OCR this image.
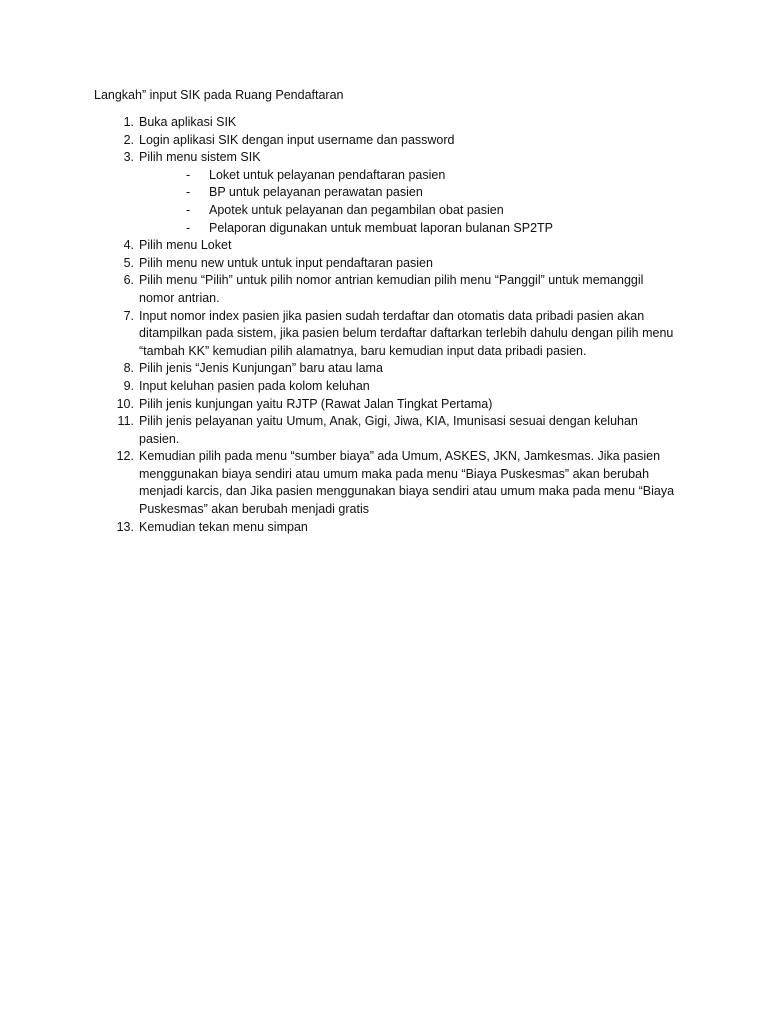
Langkah” input SIK pada Ruang Pendaftaran
1. Buka aplikasi SIK
2. Login aplikasi SIK dengan input username dan password
3. Pilih menu sistem SIK
- Loket untuk pelayanan pendaftaran pasien
- BP untuk pelayanan perawatan pasien
- Apotek untuk pelayanan dan pegambilan obat pasien
- Pelaporan digunakan untuk membuat laporan bulanan SP2TP
4. Pilih menu Loket
5. Pilih menu new untuk untuk input pendaftaran pasien
6. Pilih menu “Pilih” untuk pilih nomor antrian kemudian pilih menu “Panggil” untuk memanggil nomor antrian.
7. Input nomor index pasien jika pasien sudah terdaftar dan otomatis data pribadi pasien akan ditampilkan pada sistem, jika pasien belum terdaftar daftarkan terlebih dahulu dengan pilih menu “tambah KK” kemudian pilih alamatnya, baru kemudian input data pribadi pasien.
8. Pilih jenis “Jenis Kunjungan” baru atau lama
9. Input keluhan pasien pada kolom keluhan
10. Pilih jenis kunjungan yaitu RJTP (Rawat Jalan Tingkat Pertama)
11. Pilih jenis pelayanan yaitu Umum, Anak, Gigi, Jiwa, KIA, Imunisasi sesuai dengan keluhan pasien.
12. Kemudian pilih pada menu “sumber biaya” ada Umum, ASKES, JKN, Jamkesmas. Jika pasien menggunakan biaya sendiri atau umum maka pada menu “Biaya Puskesmas” akan berubah menjadi karcis, dan Jika pasien menggunakan biaya sendiri atau umum maka pada menu “Biaya Puskesmas” akan berubah menjadi gratis
13. Kemudian tekan menu simpan
